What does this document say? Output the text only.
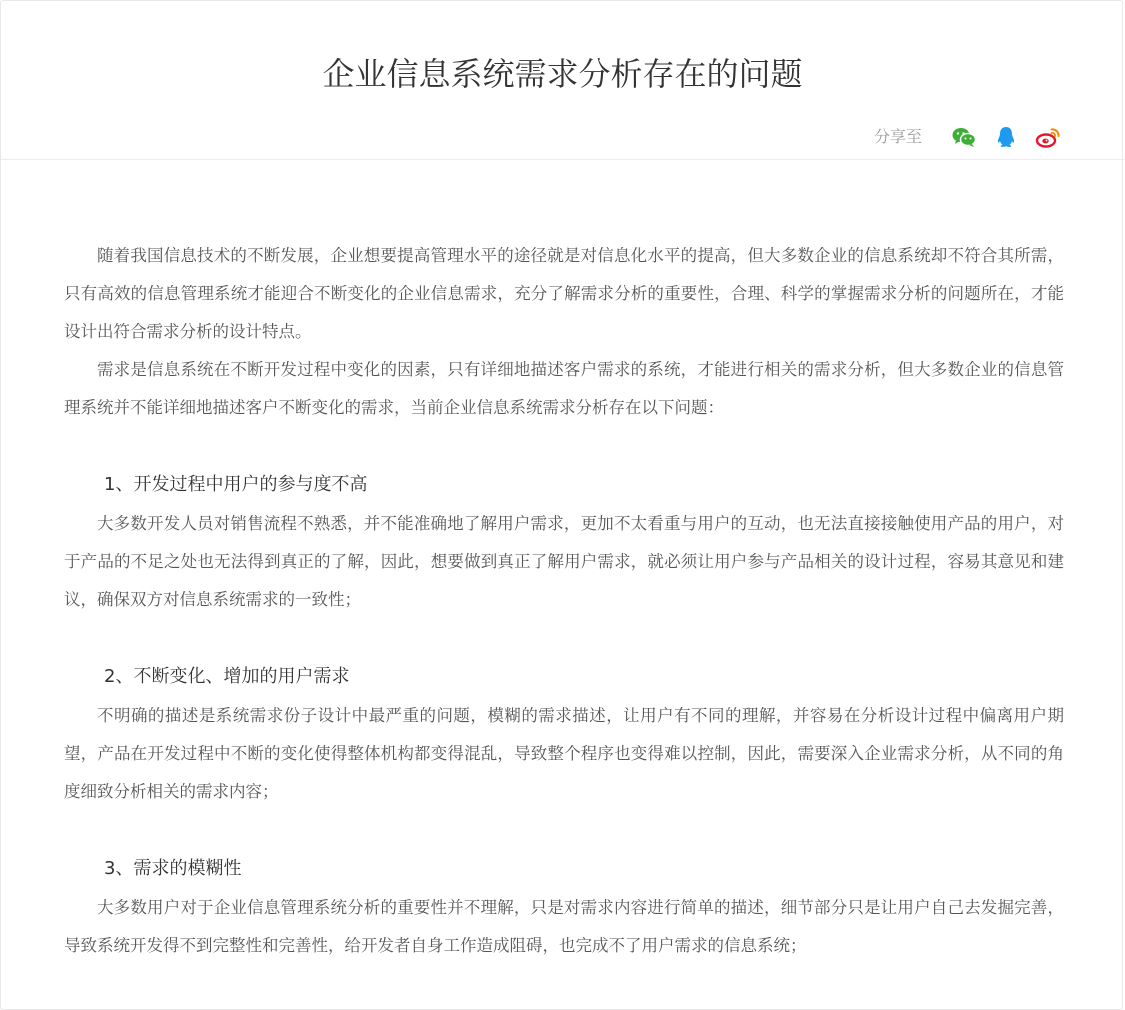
企业信息系统需求分析存在的问题
分享至

随着我国信息技术的不断发展，企业想要提高管理水平的途径就是对信息化水平的提高，但大多数企业的信息系统却不符合其所需，只有高效的信息管理系统才能迎合不断变化的企业信息需求，充分了解需求分析的重要性，合理、科学的掌握需求分析的问题所在，才能设计出符合需求分析的设计特点。

需求是信息系统在不断开发过程中变化的因素，只有详细地描述客户需求的系统，才能进行相关的需求分析，但大多数企业的信息管理系统并不能详细地描述客户不断变化的需求，当前企业信息系统需求分析存在以下问题：

1、开发过程中用户的参与度不高

大多数开发人员对销售流程不熟悉，并不能准确地了解用户需求，更加不太看重与用户的互动，也无法直接接触使用产品的用户，对于产品的不足之处也无法得到真正的了解，因此，想要做到真正了解用户需求，就必须让用户参与产品相关的设计过程，容易其意见和建议，确保双方对信息系统需求的一致性；

2、不断变化、增加的用户需求

不明确的描述是系统需求份子设计中最严重的问题，模糊的需求描述，让用户有不同的理解，并容易在分析设计过程中偏离用户期望，产品在开发过程中不断的变化使得整体机构都变得混乱，导致整个程序也变得难以控制，因此，需要深入企业需求分析，从不同的角度细致分析相关的需求内容；

3、需求的模糊性

大多数用户对于企业信息管理系统分析的重要性并不理解，只是对需求内容进行简单的描述，细节部分只是让用户自己去发掘完善，导致系统开发得不到完整性和完善性，给开发者自身工作造成阻碍，也完成不了用户需求的信息系统；
